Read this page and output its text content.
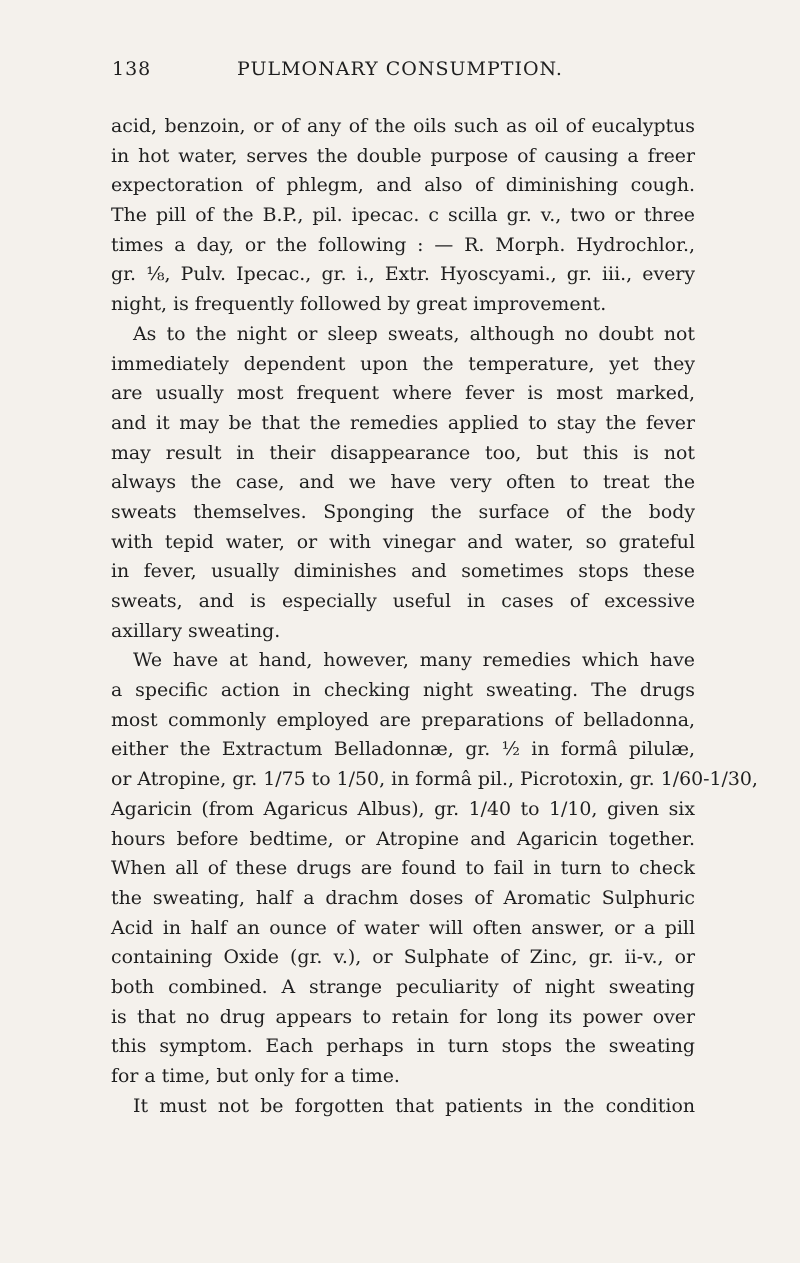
138	PULMONARY CONSUMPTION.
acid, benzoin, or of any of the oils such as oil of eucalyptus
in hot water, serves the double purpose of causing a freer
expectoration of phlegm, and also of diminishing cough.
The pill of the B.P., pil. ipecac. c scilla gr. v., two or three
times a day, or the following : — R. Morph. Hydrochlor.,
gr. ⅛, Pulv. Ipecac., gr. i., Extr. Hyoscyami., gr. iii., every
night, is frequently followed by great improvement.
As to the night or sleep sweats, although no doubt not
immediately dependent upon the temperature, yet they
are usually most frequent where fever is most marked,
and it may be that the remedies applied to stay the fever
may result in their disappearance too, but this is not
always the case, and we have very often to treat the
sweats themselves. Sponging the surface of the body
with tepid water, or with vinegar and water, so grateful
in fever, usually diminishes and sometimes stops these
sweats, and is especially useful in cases of excessive
axillary sweating.
We have at hand, however, many remedies which have
a specific action in checking night sweating. The drugs
most commonly employed are preparations of belladonna,
either the Extractum Belladonnæ, gr. ½ in formâ pilulæ,
or Atropine, gr. 1/75 to 1/50, in formâ pil., Picrotoxin, gr. 1/60-1/30,
Agaricin (from Agaricus Albus), gr. 1/40 to 1/10, given six
hours before bedtime, or Atropine and Agaricin together.
When all of these drugs are found to fail in turn to check
the sweating, half a drachm doses of Aromatic Sulphuric
Acid in half an ounce of water will often answer, or a pill
containing Oxide (gr. v.), or Sulphate of Zinc, gr. ii-v., or
both combined. A strange peculiarity of night sweating
is that no drug appears to retain for long its power over
this symptom. Each perhaps in turn stops the sweating
for a time, but only for a time.
It must not be forgotten that patients in the condition
